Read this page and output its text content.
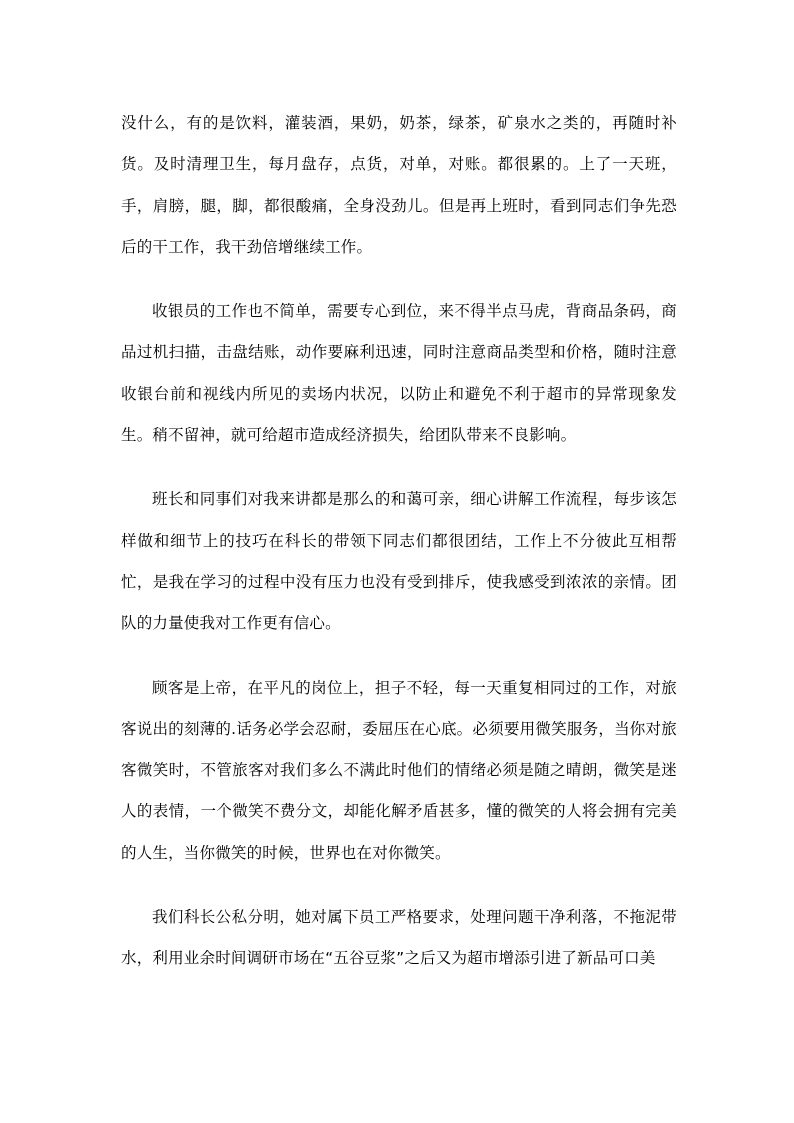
没什么，有的是饮料，灌装酒，果奶，奶茶，绿茶，矿泉水之类的，再随时补货。及时清理卫生，每月盘存，点货，对单，对账。都很累的。上了一天班，手，肩膀，腿，脚，都很酸痛，全身没劲儿。但是再上班时，看到同志们争先恐后的干工作，我干劲倍增继续工作。

收银员的工作也不简单，需要专心到位，来不得半点马虎，背商品条码，商品过机扫描，击盘结账，动作要麻利迅速，同时注意商品类型和价格，随时注意收银台前和视线内所见的卖场内状况，以防止和避免不利于超市的异常现象发生。稍不留神，就可给超市造成经济损失，给团队带来不良影响。

班长和同事们对我来讲都是那么的和蔼可亲，细心讲解工作流程，每步该怎样做和细节上的技巧在科长的带领下同志们都很团结，工作上不分彼此互相帮忙，是我在学习的过程中没有压力也没有受到排斥，使我感受到浓浓的亲情。团队的力量使我对工作更有信心。

顾客是上帝，在平凡的岗位上，担子不轻，每一天重复相同过的工作，对旅客说出的刻薄的.话务必学会忍耐，委屈压在心底。必须要用微笑服务，当你对旅客微笑时，不管旅客对我们多么不满此时他们的情绪必须是随之晴朗，微笑是迷人的表情，一个微笑不费分文，却能化解矛盾甚多，懂的微笑的人将会拥有完美的人生，当你微笑的时候，世界也在对你微笑。

我们科长公私分明，她对属下员工严格要求，处理问题干净利落，不拖泥带水，利用业余时间调研市场在“五谷豆浆”之后又为超市增添引进了新品可口美
